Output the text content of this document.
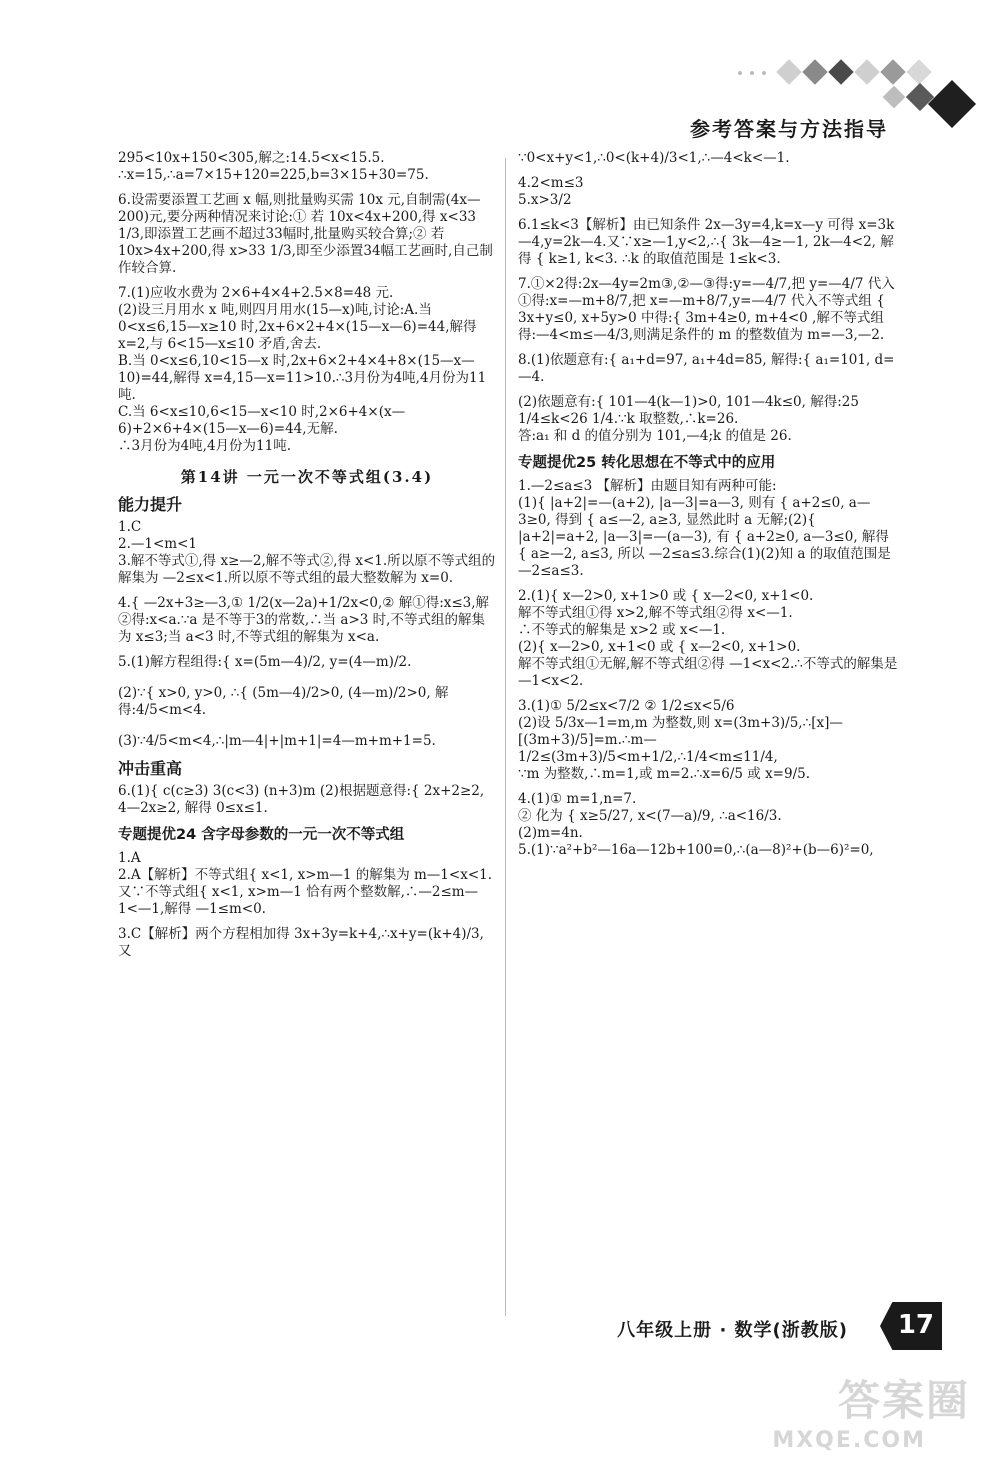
参考答案与方法指导

295<10x+150<305,解之:14.5<x<15.5.

∴x=15,∴a=7×15+120=225,b=3×15+30=75.

6.设需要添置工艺画 x 幅,则批量购买需 10x 元,自制需(4x—200)元,要分两种情况来讨论:① 若 10x<4x+200,得 x<33 1/3,即添置工艺画不超过33幅时,批量购买较合算;② 若 10x>4x+200,得 x>33 1/3,即至少添置34幅工艺画时,自己制作较合算.

7.(1)应收水费为 2×6+4×4+2.5×8=48 元.

(2)设三月用水 x 吨,则四月用水(15—x)吨,讨论:A.当 0<x≤6,15—x≥10 时,2x+6×2+4×(15—x—6)=44,解得 x=2,与 6<15—x≤10 矛盾,舍去.

B.当 0<x≤6,10<15—x 时,2x+6×2+4×4+8×(15—x—10)=44,解得 x=4,15—x=11>10.∴3月份为4吨,4月份为11吨.

C.当 6<x≤10,6<15—x<10 时,2×6+4×(x—6)+2×6+4×(15—x—6)=44,无解.

∴3月份为4吨,4月份为11吨.

第14讲 一元一次不等式组(3.4)
能力提升

1.C

2.—1<m<1

3.解不等式①,得 x≥—2,解不等式②,得 x<1.所以原不等式组的解集为 —2≤x<1.所以原不等式组的最大整数解为 x=0.

4.{ —2x+3≥—3,① 1/2(x—2a)+1/2x<0,② 解①得:x≤3,解②得:x<a.∵a 是不等于3的常数,∴当 a>3 时,不等式组的解集为 x≤3;当 a<3 时,不等式组的解集为 x<a.

5.(1)解方程组得:{ x=(5m—4)/2, y=(4—m)/2.

(2)∵{ x>0, y>0, ∴{ (5m—4)/2>0, (4—m)/2>0, 解得:4/5<m<4.

(3)∵4/5<m<4,∴|m—4|+|m+1|=4—m+m+1=5.

冲击重高

6.(1){ c(c≥3) 3(c<3) (n+3)m (2)根据题意得:{ 2x+2≥2, 4—2x≥2, 解得 0≤x≤1.

专题提优24 含字母参数的一元一次不等式组

1.A

2.A【解析】不等式组{ x<1, x>m—1 的解集为 m—1<x<1.又∵不等式组{ x<1, x>m—1 恰有两个整数解,∴—2≤m—1<—1,解得 —1≤m<0.

3.C【解析】两个方程相加得 3x+3y=k+4,∴x+y=(k+4)/3,又

∵0<x+y<1,∴0<(k+4)/3<1,∴—4<k<—1.

4.2<m≤3

5.x>3/2

6.1≤k<3【解析】由已知条件 2x—3y=4,k=x—y 可得 x=3k—4,y=2k—4.又∵x≥—1,y<2,∴{ 3k—4≥—1, 2k—4<2, 解得 { k≥1, k<3. ∴k 的取值范围是 1≤k<3.

7.①×2得:2x—4y=2m③,②—③得:y=—4/7,把 y=—4/7 代入①得:x=—m+8/7,把 x=—m+8/7,y=—4/7 代入不等式组 { 3x+y≤0, x+5y>0 中得:{ 3m+4≥0, m+4<0 ,解不等式组得:—4<m≤—4/3,则满足条件的 m 的整数值为 m=—3,—2.

8.(1)依题意有:{ a₁+d=97, a₁+4d=85, 解得:{ a₁=101, d=—4.

(2)依题意有:{ 101—4(k—1)>0, 101—4k≤0, 解得:25 1/4≤k<26 1/4.∵k 取整数,∴k=26.

答:a₁ 和 d 的值分别为 101,—4;k 的值是 26.

专题提优25 转化思想在不等式中的应用

1.—2≤a≤3 【解析】由题目知有两种可能:

(1){ |a+2|=—(a+2), |a—3|=a—3, 则有 { a+2≤0, a—3≥0, 得到 { a≤—2, a≥3, 显然此时 a 无解;(2){ |a+2|=a+2, |a—3|=—(a—3), 有 { a+2≥0, a—3≤0, 解得 { a≥—2, a≤3, 所以 —2≤a≤3.综合(1)(2)知 a 的取值范围是 —2≤a≤3.

2.(1){ x—2>0, x+1>0 或 { x—2<0, x+1<0.

解不等式组①得 x>2,解不等式组②得 x<—1.

∴不等式的解集是 x>2 或 x<—1.

(2){ x—2>0, x+1<0 或 { x—2<0, x+1>0.

解不等式组①无解,解不等式组②得 —1<x<2.∴不等式的解集是 —1<x<2.

3.(1)① 5/2≤x<7/2 ② 1/2≤x<5/6

(2)设 5/3x—1=m,m 为整数,则 x=(3m+3)/5,∴[x]—[(3m+3)/5]=m.∴m—1/2≤(3m+3)/5<m+1/2,∴1/4<m≤11/4,

∵m 为整数,∴m=1,或 m=2.∴x=6/5 或 x=9/5.

4.(1)① m=1,n=7.

② 化为 { x≥5/27, x<(7—a)/9, ∴a<16/3.

(2)m=4n.

5.(1)∵a²+b²—16a—12b+100=0,∴(a—8)²+(b—6)²=0,

八年级上册 · 数学(浙教版) 17
答案圈
MXQE.COM
